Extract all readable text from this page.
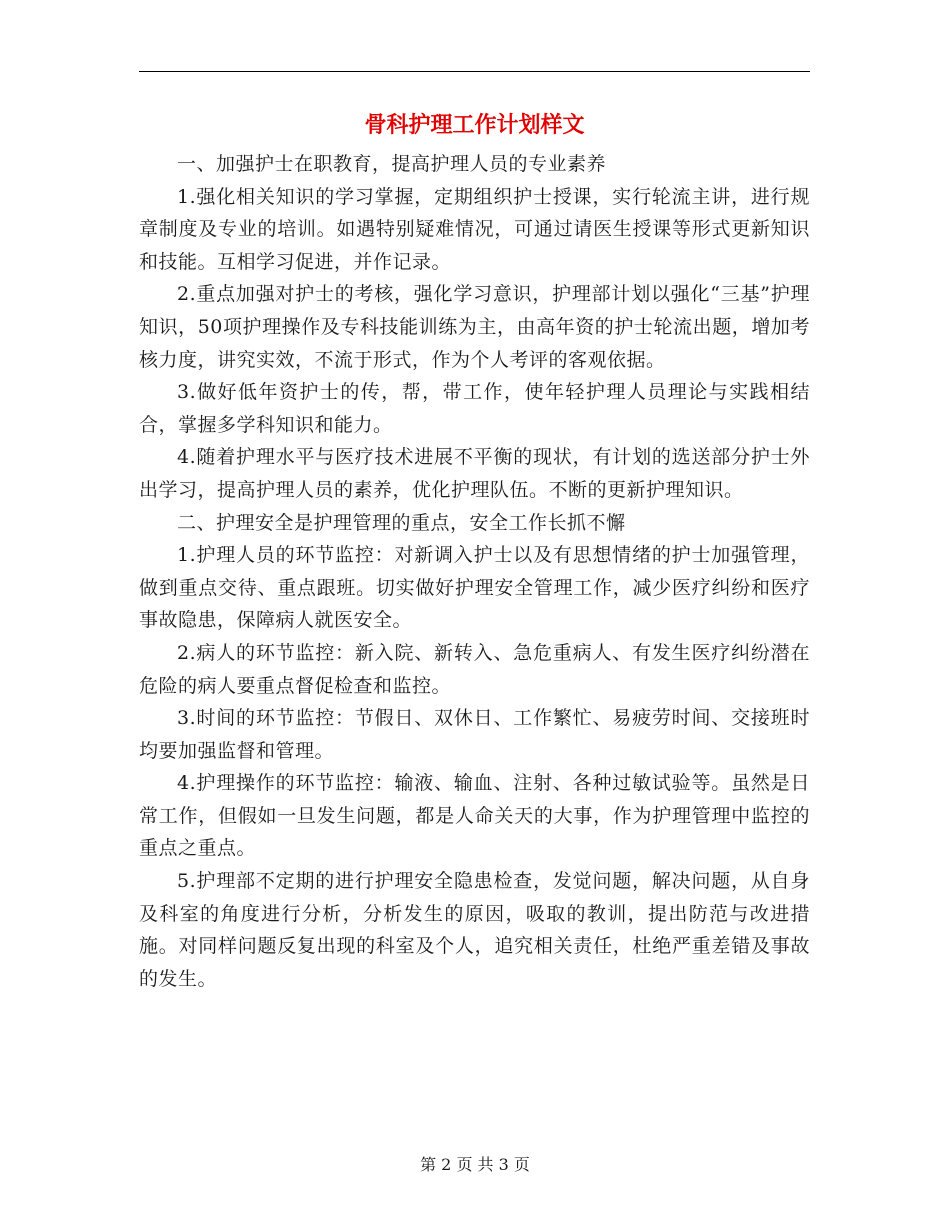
骨科护理工作计划样文

一、加强护士在职教育，提高护理人员的专业素养

1.强化相关知识的学习掌握，定期组织护士授课，实行轮流主讲，进行规章制度及专业的培训。如遇特别疑难情况，可通过请医生授课等形式更新知识和技能。互相学习促进，并作记录。

2.重点加强对护士的考核，强化学习意识，护理部计划以强化“三基”护理知识，50项护理操作及专科技能训练为主，由高年资的护士轮流出题，增加考核力度，讲究实效，不流于形式，作为个人考评的客观依据。

3.做好低年资护士的传，帮，带工作，使年轻护理人员理论与实践相结合，掌握多学科知识和能力。

4.随着护理水平与医疗技术进展不平衡的现状，有计划的选送部分护士外出学习，提高护理人员的素养，优化护理队伍。不断的更新护理知识。

二、护理安全是护理管理的重点，安全工作长抓不懈

1.护理人员的环节监控：对新调入护士以及有思想情绪的护士加强管理，做到重点交待、重点跟班。切实做好护理安全管理工作，减少医疗纠纷和医疗事故隐患，保障病人就医安全。

2.病人的环节监控：新入院、新转入、急危重病人、有发生医疗纠纷潜在危险的病人要重点督促检查和监控。

3.时间的环节监控：节假日、双休日、工作繁忙、易疲劳时间、交接班时均要加强监督和管理。

4.护理操作的环节监控：输液、输血、注射、各种过敏试验等。虽然是日常工作，但假如一旦发生问题，都是人命关天的大事，作为护理管理中监控的重点之重点。

5.护理部不定期的进行护理安全隐患检查，发觉问题，解决问题，从自身及科室的角度进行分析，分析发生的原因，吸取的教训，提出防范与改进措施。对同样问题反复出现的科室及个人，追究相关责任，杜绝严重差错及事故的发生。

第 2 页 共 3 页
